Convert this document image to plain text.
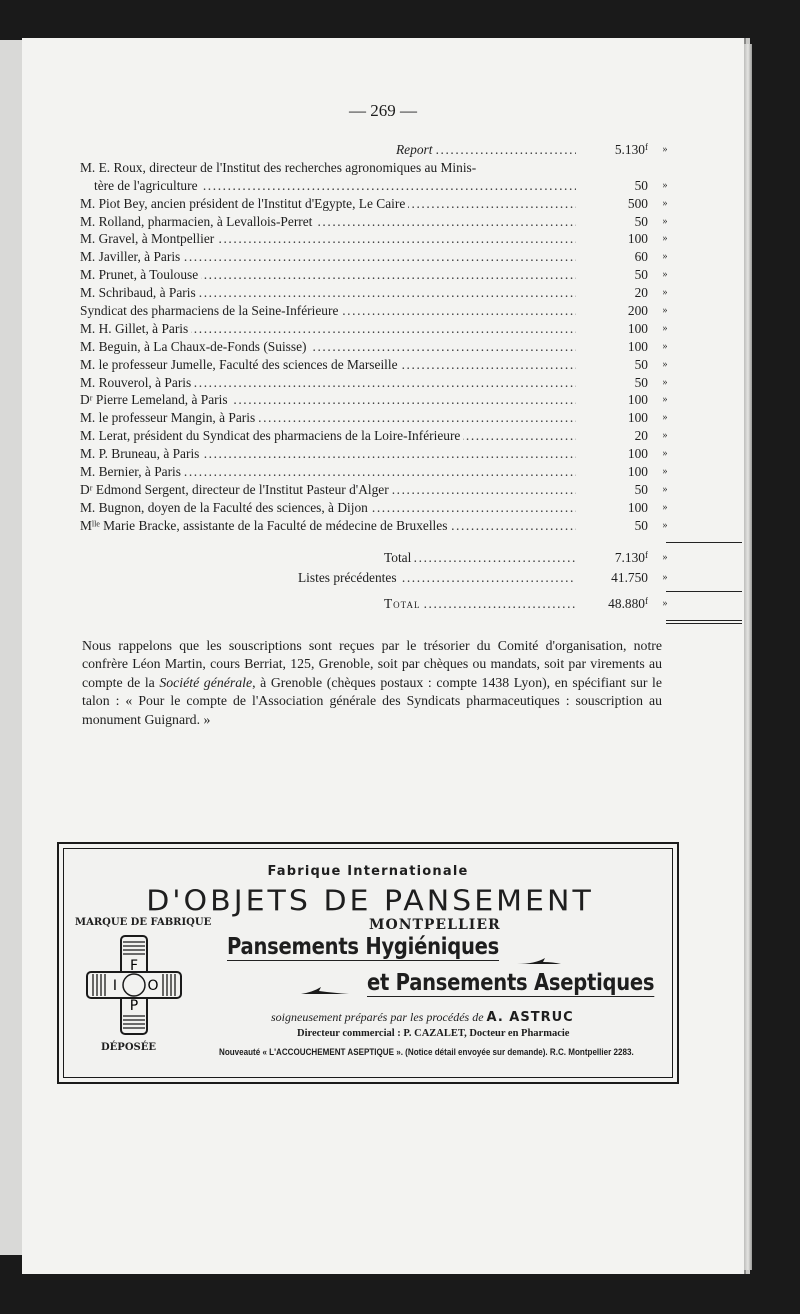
— 269 —
Report .....	5.130$^f$ »
M. E. Roux, directeur de l'Institut des recherches agronomiques au Minis-
tère de l'agriculture .....	50 »
M. Piot Bey, ancien président de l'Institut d'Egypte, Le Caire .....	500 »
M. Rolland, pharmacien, à Levallois-Perret .....	50 »
M. Gravel, à Montpellier .....	100 »
M. Javiller, à Paris .....	60 »
M. Prunet, à Toulouse .....	50 »
M. Schribaud, à Paris .....	20 »
Syndicat des pharmaciens de la Seine-Inférieure .....	200 »
M. H. Gillet, à Paris .....	100 »
M. Beguin, à La Chaux-de-Fonds (Suisse) .....	100 »
M. le professeur Jumelle, Faculté des sciences de Marseille .....	50 »
M. Rouverol, à Paris .....	50 »
Dʳ Pierre Lemeland, à Paris .....	100 »
M. le professeur Mangin, à Paris .....	100 »
M. Lerat, président du Syndicat des pharmaciens de la Loire-Inférieure .....	20 »
M. P. Bruneau, à Paris .....	100 »
M. Bernier, à Paris .....	100 »
Dʳ Edmond Sergent, directeur de l'Institut Pasteur d'Alger .....	50 »
M. Bugnon, doyen de la Faculté des sciences, à Dijon .....	100 »
Mˡˡᵉ Marie Bracke, assistante de la Faculté de médecine de Bruxelles .....	50 »
Total .....	7.130$^f$ »
Listes précédentes .....	41.750 »
Total .....	48.880$^f$ »

Nous rappelons que les souscriptions sont reçues par le trésorier du Comité d'organisation, notre confrère Léon Martin, cours Berriat, 125, Grenoble, soit par chèques ou mandats, soit par virements au compte de la Société générale, à Grenoble (chèques postaux : compte 1438 Lyon), en spécifiant sur le talon : « Pour le compte de l'Association générale des Syndicats pharmaceutiques : souscription au monument Guignard. »

Fabrique Internationale
D'OBJETS DE PANSEMENT
MARQUE DE FABRIQUE	MONTPELLIER
F
I O
P
Pansements Hygiéniques
et Pansements Aseptiques
soigneusement préparés par les procédés de A. ASTRUC
Directeur commercial : P. CAZALET, Docteur en Pharmacie
DÉPOSÉE	Nouveauté « L'ACCOUCHEMENT ASEPTIQUE ». (Notice détail envoyée sur demande). R.C. Montpellier 2283.
